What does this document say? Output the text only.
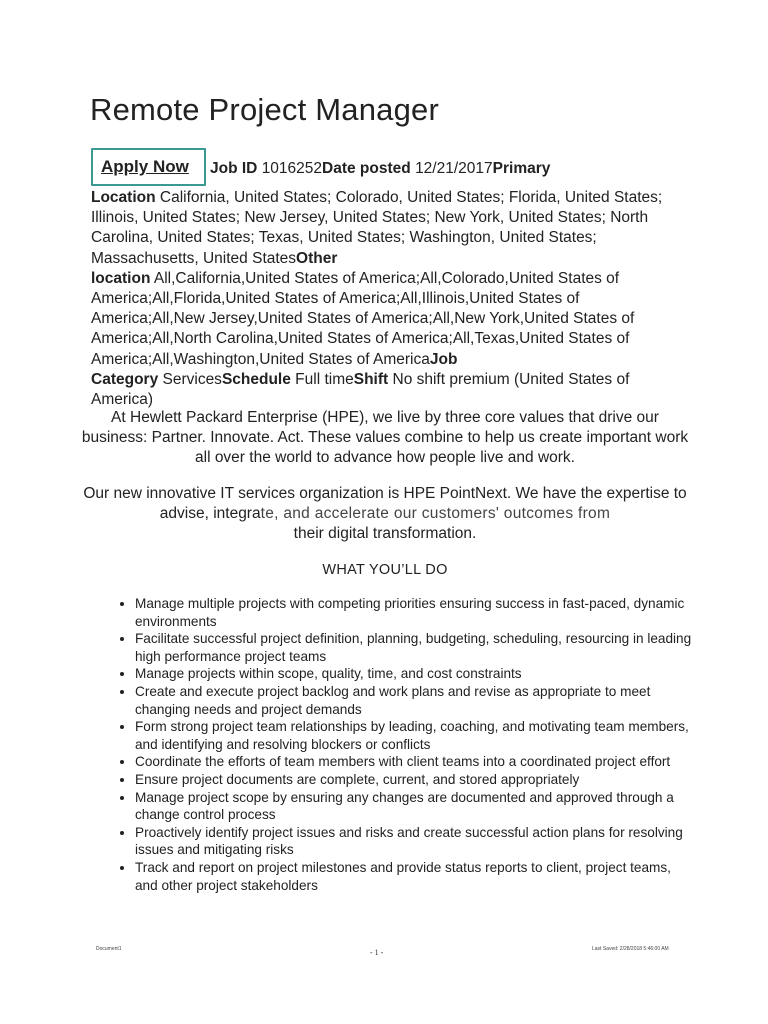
Remote Project Manager
Apply Now Job ID 1016252Date posted 12/21/2017Primary
Location California, United States; Colorado, United States; Florida, United States; Illinois, United States; New Jersey, United States; New York, United States; North Carolina, United States; Texas, United States; Washington, United States; Massachusetts, United StatesOther
location All,California,United States of America;All,Colorado,United States of America;All,Florida,United States of America;All,Illinois,United States of America;All,New Jersey,United States of America;All,New York,United States of America;All,North Carolina,United States of America;All,Texas,United States of America;All,Washington,United States of AmericaJob
Category ServicesSchedule Full timeShift No shift premium (United States of America)
At Hewlett Packard Enterprise (HPE), we live by three core values that drive our business: Partner. Innovate. Act. These values combine to help us create important work all over the world to advance how people live and work.
Our new innovative IT services organization is HPE PointNext. We have the expertise to advise, integrate, and accelerate our customers' outcomes from
their digital transformation.
WHAT YOU’LL DO
• Manage multiple projects with competing priorities ensuring success in fast-paced, dynamic environments
• Facilitate successful project definition, planning, budgeting, scheduling, resourcing in leading high performance project teams
• Manage projects within scope, quality, time, and cost constraints
• Create and execute project backlog and work plans and revise as appropriate to meet changing needs and project demands
• Form strong project team relationships by leading, coaching, and motivating team members, and identifying and resolving blockers or conflicts
• Coordinate the efforts of team members with client teams into a coordinated project effort
• Ensure project documents are complete, current, and stored appropriately
• Manage project scope by ensuring any changes are documented and approved through a change control process
• Proactively identify project issues and risks and create successful action plans for resolving issues and mitigating risks
• Track and report on project milestones and provide status reports to client, project teams, and other project stakeholders
Document1	- 1 -	Last Saved: 2/28/2018 5:46:00 AM
